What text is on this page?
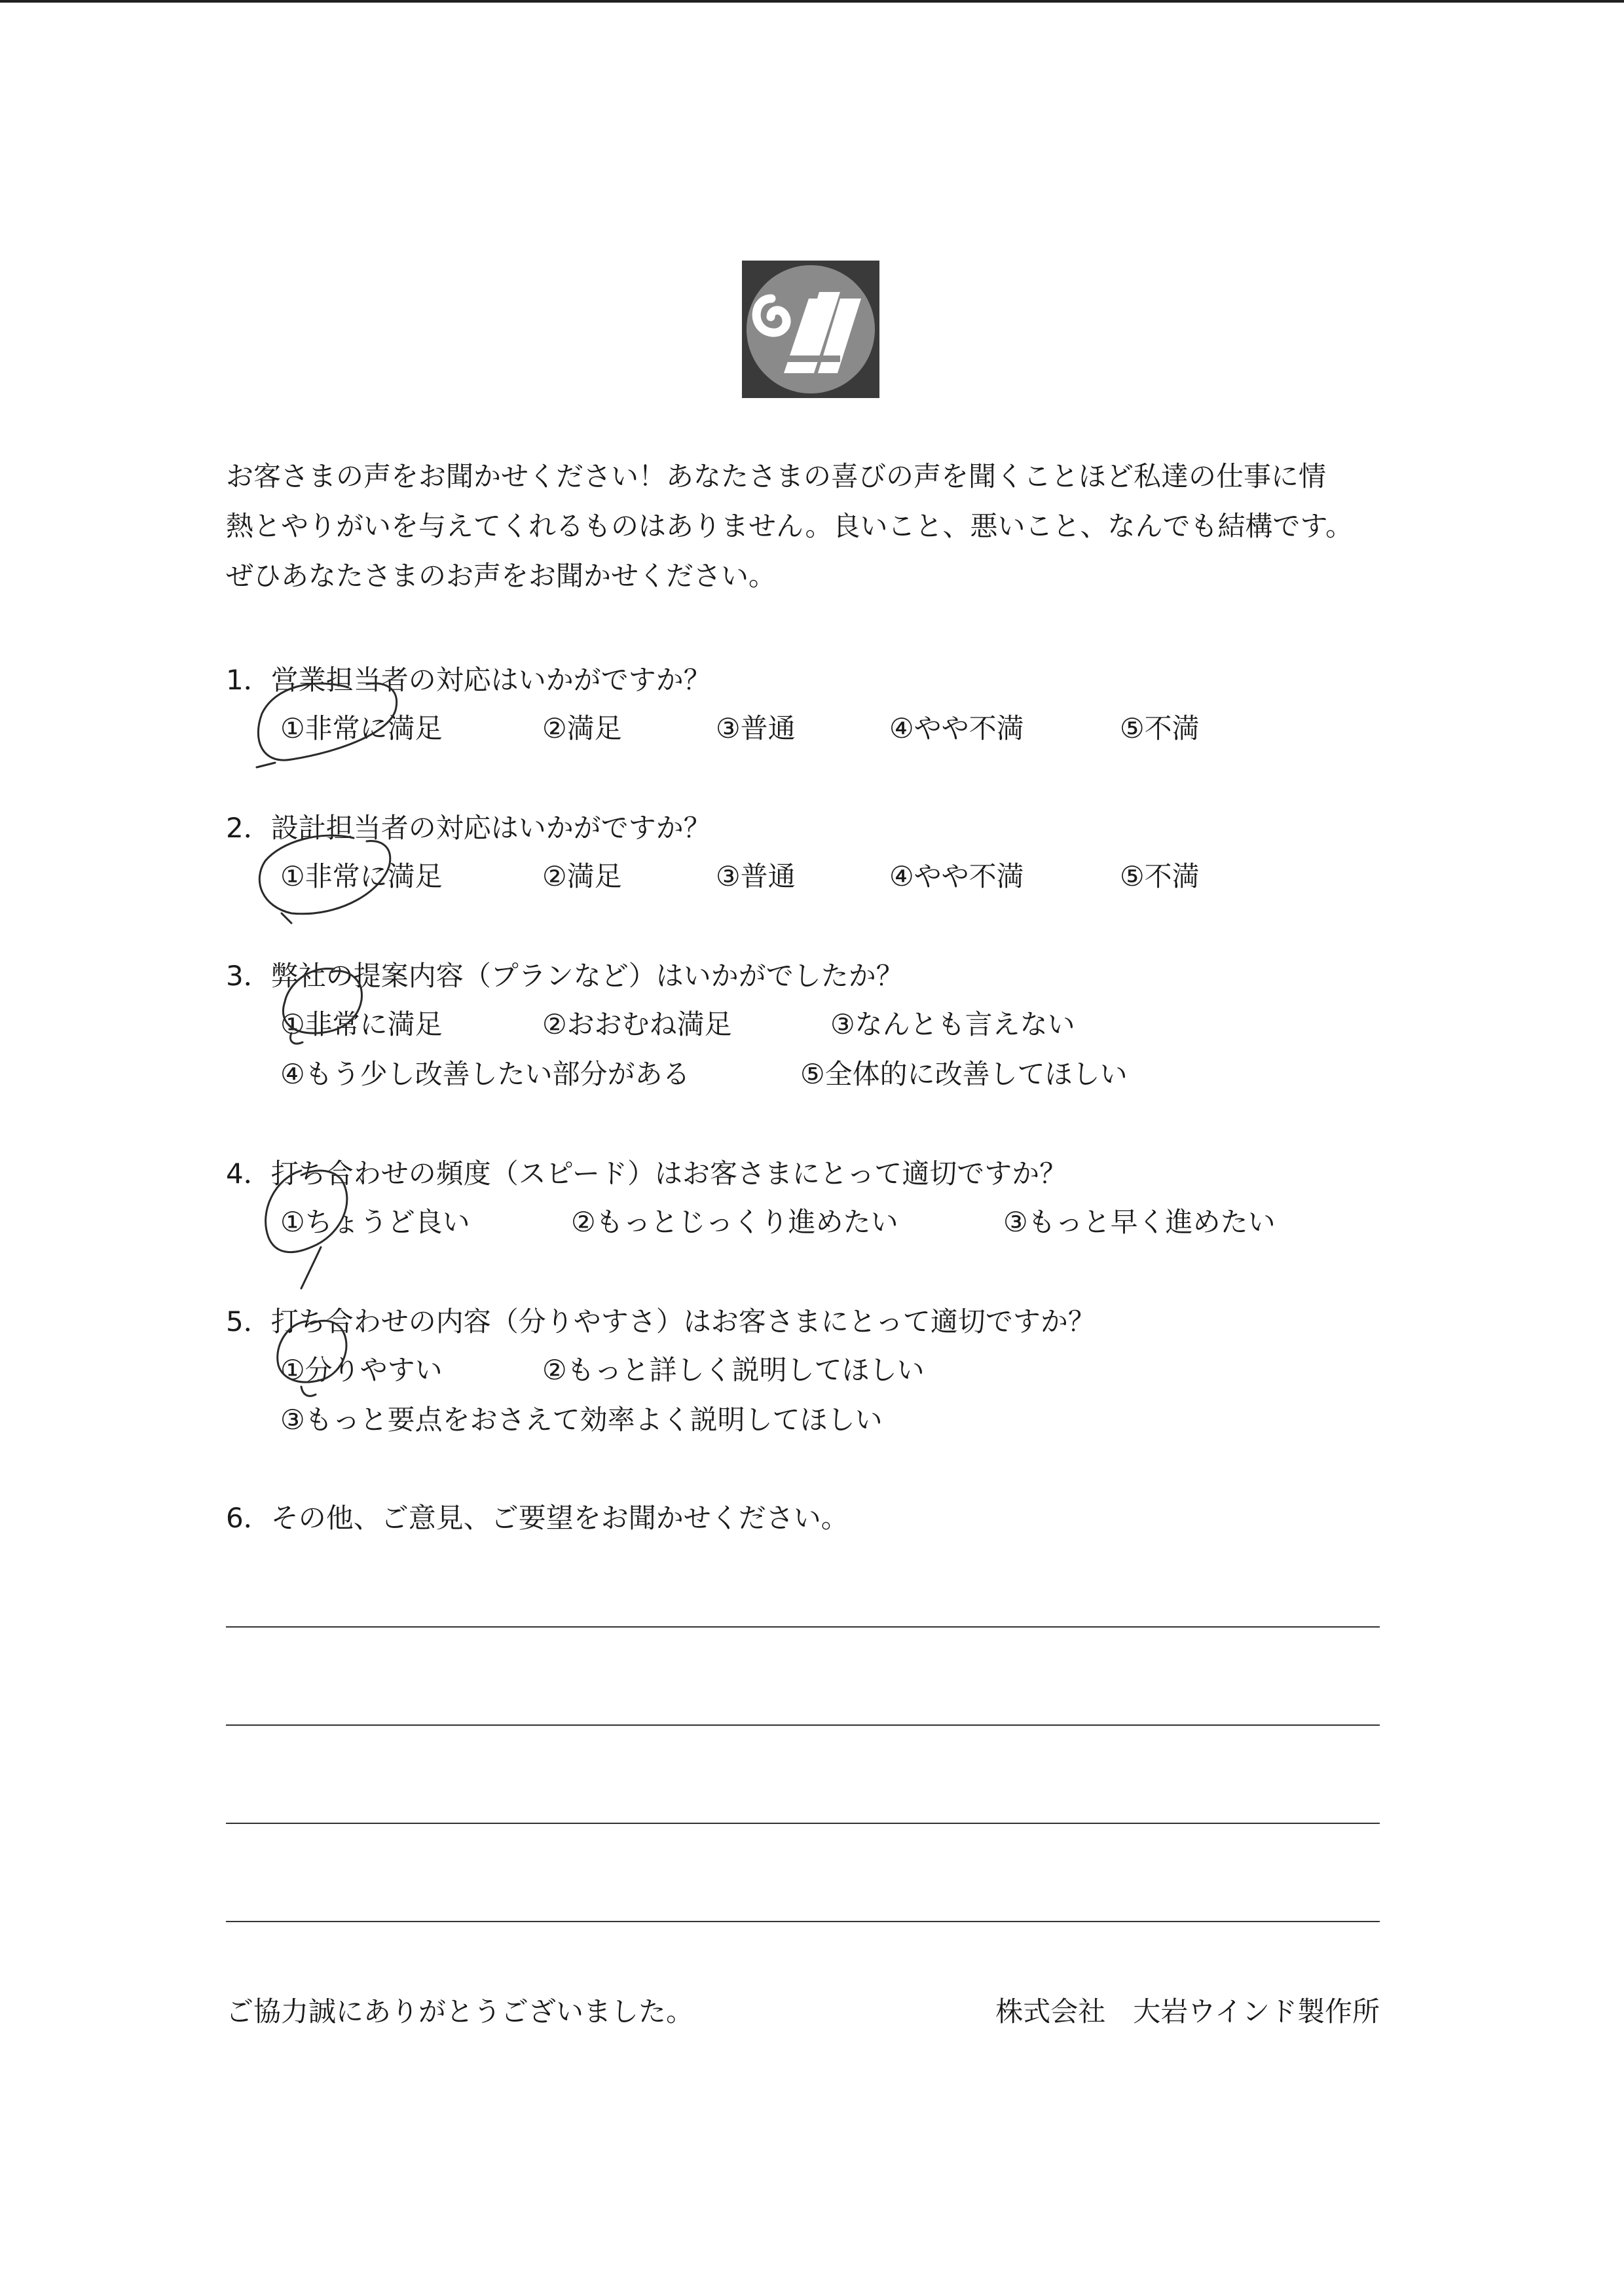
お客さまの声をお聞かせください！あなたさまの喜びの声を聞くことほど私達の仕事に情
熱とやりがいを与えてくれるものはありません。良いこと、悪いこと、なんでも結構です。
ぜひあなたさまのお声をお聞かせください。
1．営業担当者の対応はいかがですか？
①非常に満足	②満足	③普通	④やや不満	⑤不満
2．設計担当者の対応はいかがですか？
①非常に満足	②満足	③普通	④やや不満	⑤不満
3．弊社の提案内容（プランなど）はいかがでしたか？
①非常に満足	②おおむね満足	③なんとも言えない
④もう少し改善したい部分がある	⑤全体的に改善してほしい
4．打ち合わせの頻度（スピード）はお客さまにとって適切ですか？
①ちょうど良い	②もっとじっくり進めたい	③もっと早く進めたい
5．打ち合わせの内容（分りやすさ）はお客さまにとって適切ですか？
①分りやすい	②もっと詳しく説明してほしい
③もっと要点をおさえて効率よく説明してほしい
6．その他、ご意見、ご要望をお聞かせください。
ご協力誠にありがとうございました。	株式会社　大岩ウインド製作所
